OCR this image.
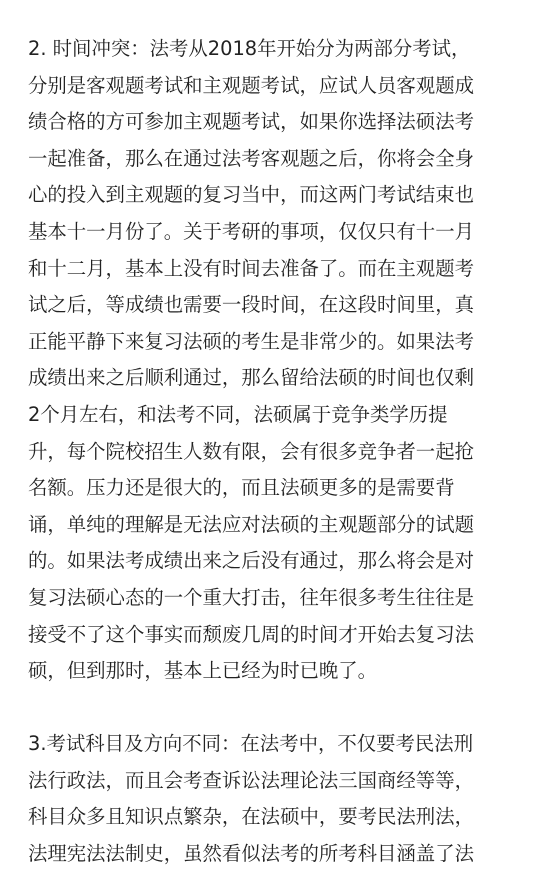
2. 时间冲突：法考从2018年开始分为两部分考试，
分别是客观题考试和主观题考试，应试人员客观题成
绩合格的方可参加主观题考试，如果你选择法硕法考
一起准备，那么在通过法考客观题之后，你将会全身
心的投入到主观题的复习当中，而这两门考试结束也
基本十一月份了。关于考研的事项，仅仅只有十一月
和十二月，基本上没有时间去准备了。而在主观题考
试之后，等成绩也需要一段时间，在这段时间里，真
正能平静下来复习法硕的考生是非常少的。如果法考
成绩出来之后顺利通过，那么留给法硕的时间也仅剩
2个月左右，和法考不同，法硕属于竞争类学历提
升，每个院校招生人数有限，会有很多竞争者一起抢
名额。压力还是很大的，而且法硕更多的是需要背
诵，单纯的理解是无法应对法硕的主观题部分的试题
的。如果法考成绩出来之后没有通过，那么将会是对
复习法硕心态的一个重大打击，往年很多考生往往是
接受不了这个事实而颓废几周的时间才开始去复习法
硕，但到那时，基本上已经为时已晚了。
3.考试科目及方向不同：在法考中，不仅要考民法刑
法行政法，而且会考查诉讼法理论法三国商经等等，
科目众多且知识点繁杂，在法硕中，要考民法刑法，
法理宪法法制史，虽然看似法考的所考科目涵盖了法
